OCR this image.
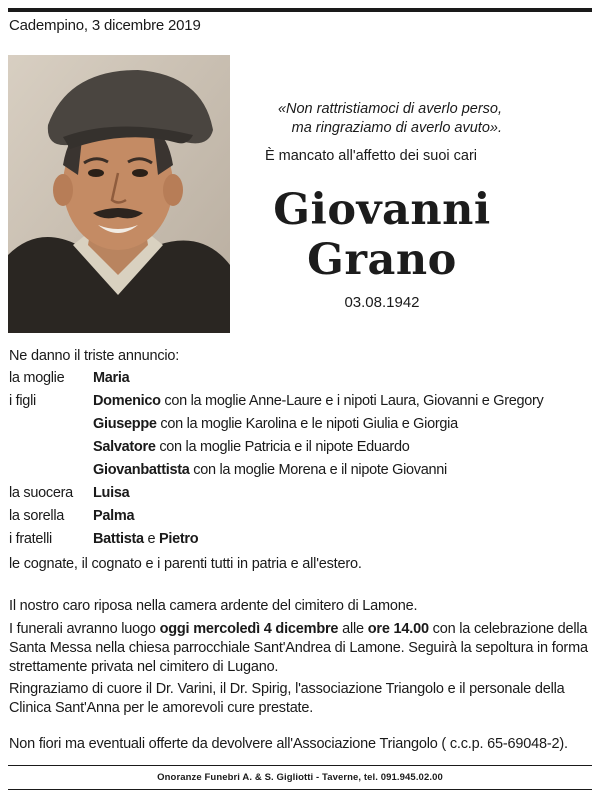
Cadempino, 3 dicembre 2019
«Non rattristiamoci di averlo perso,
ma ringraziamo di averlo avuto».
È mancato all'affetto dei suoi cari
Giovanni
Grano
03.08.1942
Ne danno il triste annuncio:
la moglie Maria
i figli	Domenico con la moglie Anne-Laure e i nipoti Laura, Giovanni e Gregory
Giuseppe con la moglie Karolina e le nipoti Giulia e Giorgia
Salvatore con la moglie Patricia e il nipote Eduardo
Giovanbattista con la moglie Morena e il nipote Giovanni
la suocera Luisa
la sorella Palma
i fratelli	Battista e Pietro
le cognate, il cognato e i parenti tutti in patria e all'estero.
Il nostro caro riposa nella camera ardente del cimitero di Lamone.
I funerali avranno luogo oggi mercoledì 4 dicembre alle ore 14.00 con la celebrazione della Santa Messa nella chiesa parrocchiale Sant'Andrea di Lamone. Seguirà la sepoltura in forma strettamente privata nel cimitero di Lugano.
Ringraziamo di cuore il Dr. Varini, il Dr. Spirig, l'associazione Triangolo e il personale della Clinica Sant'Anna per le amorevoli cure prestate.
Non fiori ma eventuali offerte da devolvere all'Associazione Triangolo ( c.c.p. 65-69048-2).
Onoranze Funebri A. & S. Gigliotti - Taverne, tel. 091.945.02.00
